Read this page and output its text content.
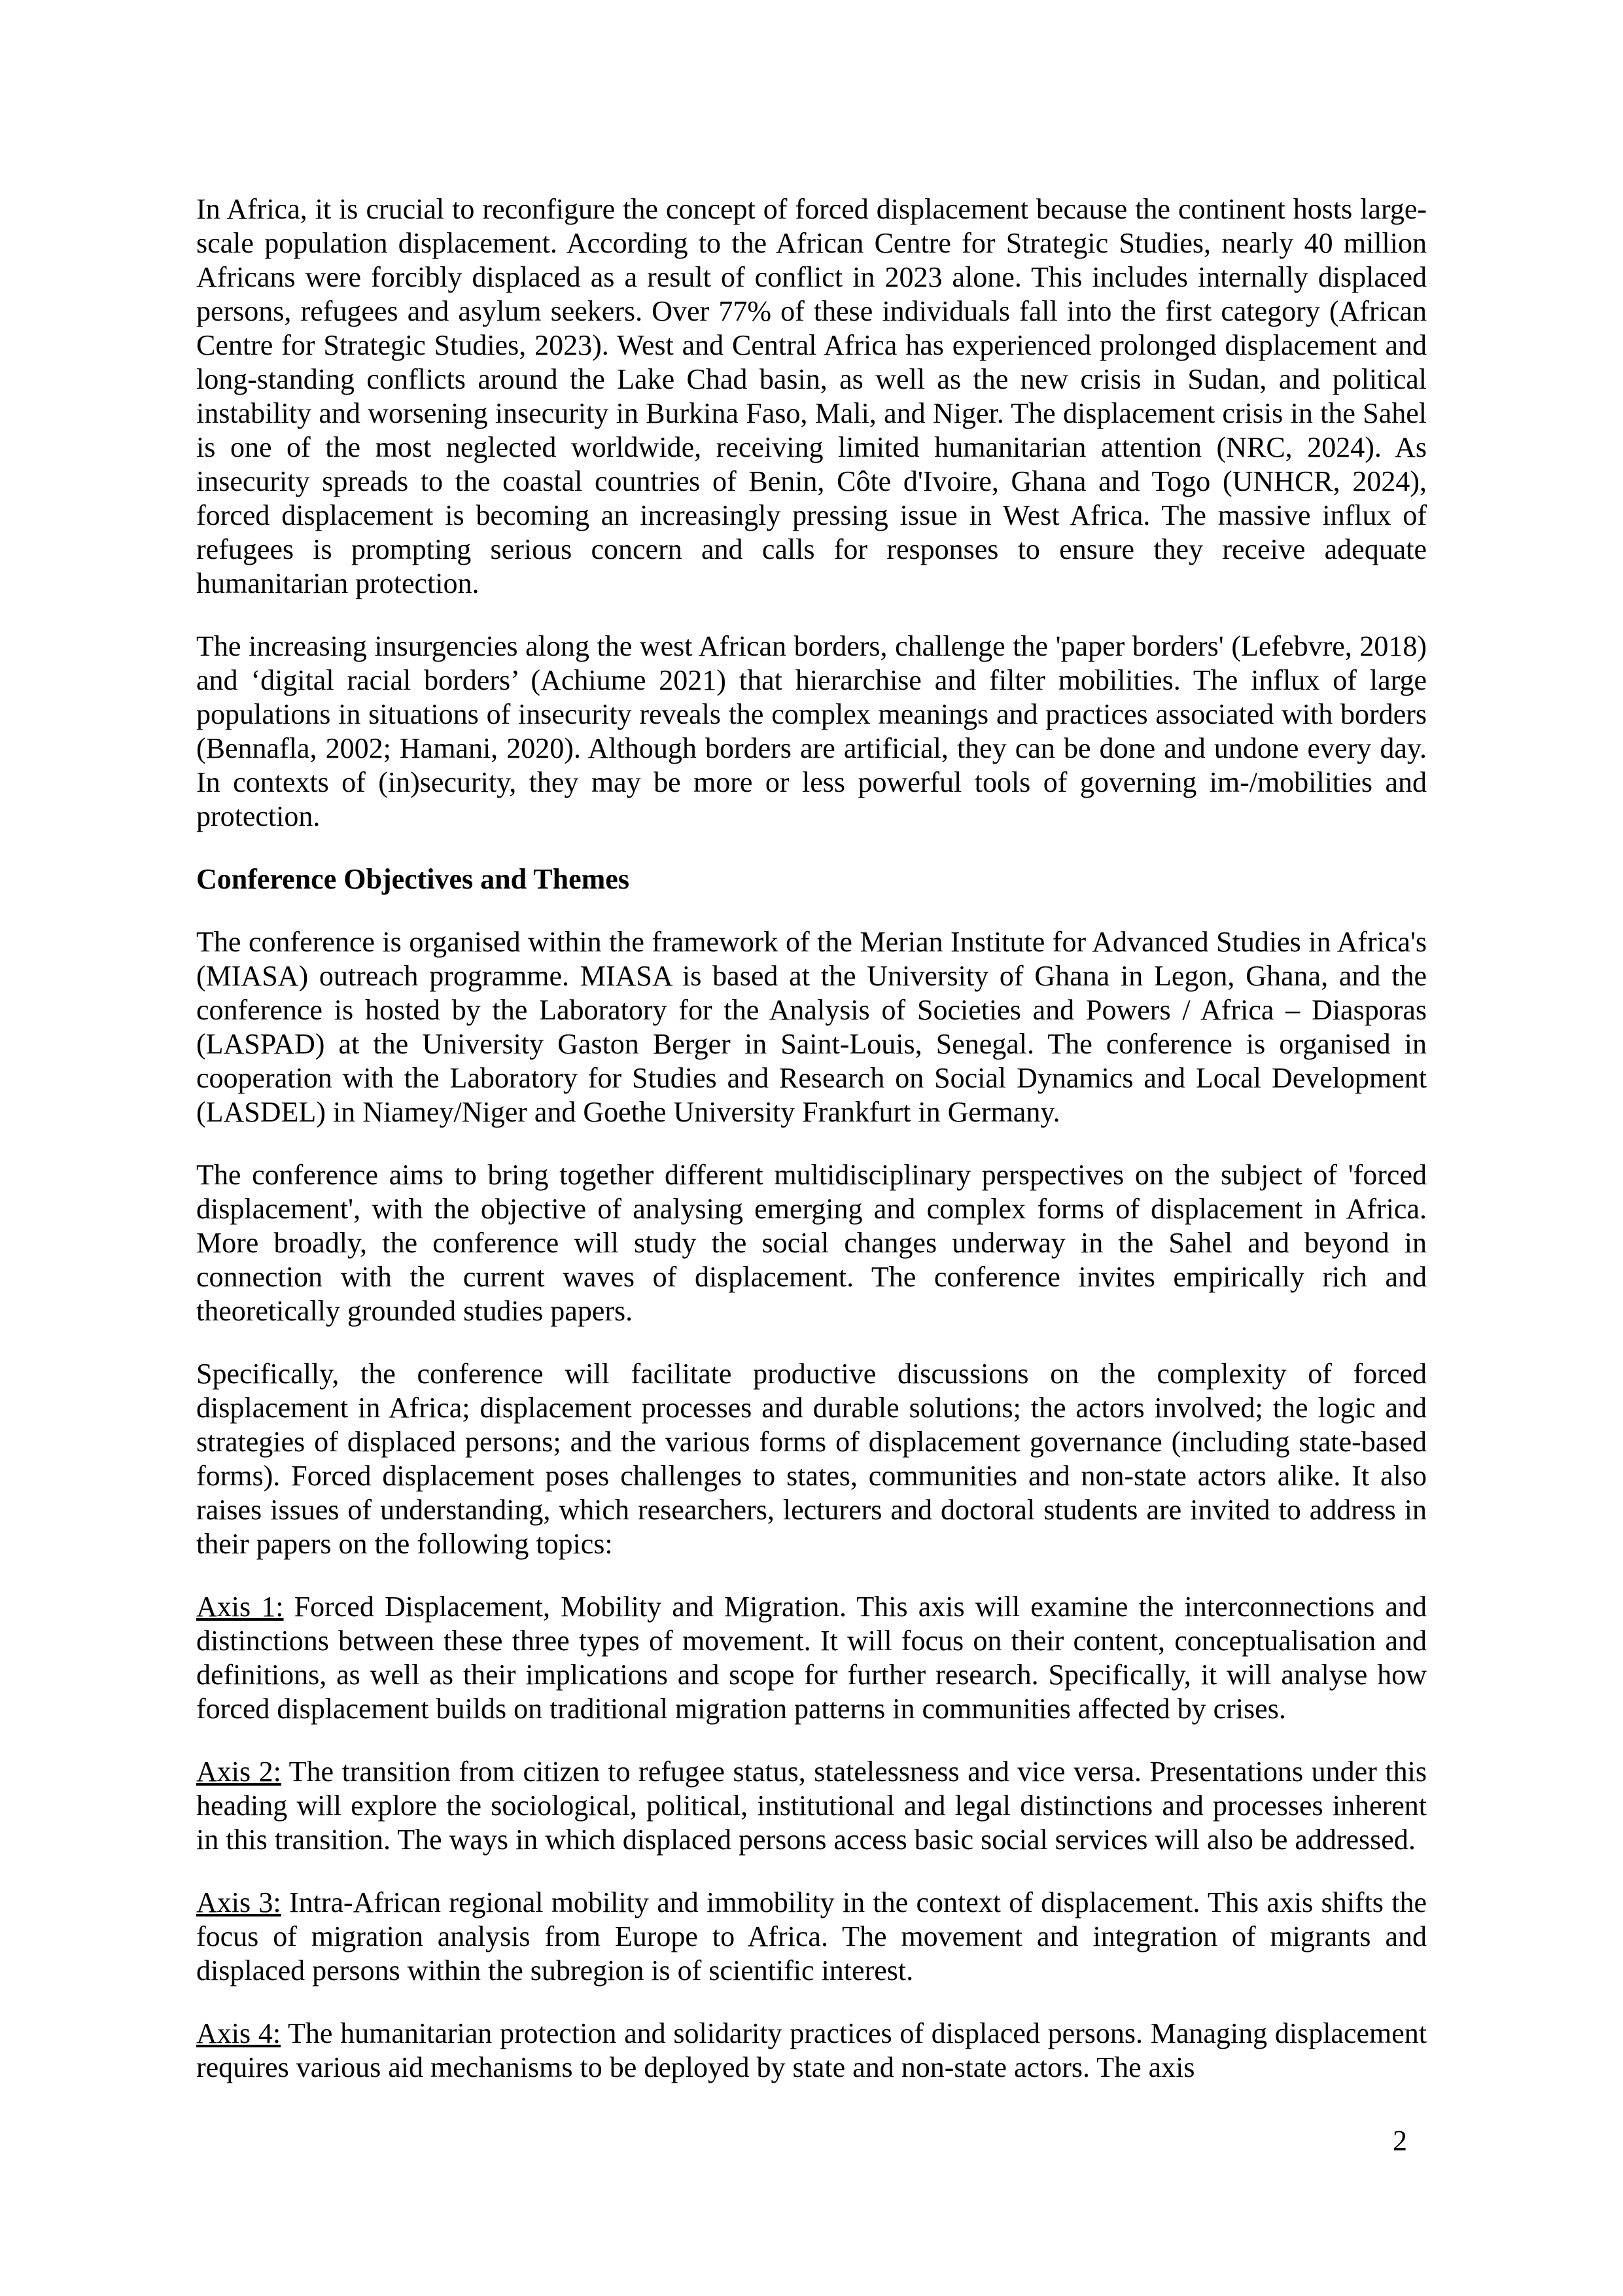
In Africa, it is crucial to reconfigure the concept of forced displacement because the continent hosts large-scale population displacement. According to the African Centre for Strategic Studies, nearly 40 million Africans were forcibly displaced as a result of conflict in 2023 alone. This includes internally displaced persons, refugees and asylum seekers. Over 77% of these individuals fall into the first category (African Centre for Strategic Studies, 2023). West and Central Africa has experienced prolonged displacement and long-standing conflicts around the Lake Chad basin, as well as the new crisis in Sudan, and political instability and worsening insecurity in Burkina Faso, Mali, and Niger. The displacement crisis in the Sahel is one of the most neglected worldwide, receiving limited humanitarian attention (NRC, 2024). As insecurity spreads to the coastal countries of Benin, Côte d'Ivoire, Ghana and Togo (UNHCR, 2024), forced displacement is becoming an increasingly pressing issue in West Africa. The massive influx of refugees is prompting serious concern and calls for responses to ensure they receive adequate humanitarian protection.

The increasing insurgencies along the west African borders, challenge the 'paper borders' (Lefebvre, 2018) and ‘digital racial borders’ (Achiume 2021) that hierarchise and filter mobilities. The influx of large populations in situations of insecurity reveals the complex meanings and practices associated with borders (Bennafla, 2002; Hamani, 2020). Although borders are artificial, they can be done and undone every day. In contexts of (in)security, they may be more or less powerful tools of governing im-/mobilities and protection.

Conference Objectives and Themes

The conference is organised within the framework of the Merian Institute for Advanced Studies in Africa's (MIASA) outreach programme. MIASA is based at the University of Ghana in Legon, Ghana, and the conference is hosted by the Laboratory for the Analysis of Societies and Powers / Africa – Diasporas (LASPAD) at the University Gaston Berger in Saint-Louis, Senegal. The conference is organised in cooperation with the Laboratory for Studies and Research on Social Dynamics and Local Development (LASDEL) in Niamey/Niger and Goethe University Frankfurt in Germany.

The conference aims to bring together different multidisciplinary perspectives on the subject of 'forced displacement', with the objective of analysing emerging and complex forms of displacement in Africa. More broadly, the conference will study the social changes underway in the Sahel and beyond in connection with the current waves of displacement. The conference invites empirically rich and theoretically grounded studies papers.

Specifically, the conference will facilitate productive discussions on the complexity of forced displacement in Africa; displacement processes and durable solutions; the actors involved; the logic and strategies of displaced persons; and the various forms of displacement governance (including state-based forms). Forced displacement poses challenges to states, communities and non-state actors alike. It also raises issues of understanding, which researchers, lecturers and doctoral students are invited to address in their papers on the following topics:

Axis 1: Forced Displacement, Mobility and Migration. This axis will examine the interconnections and distinctions between these three types of movement. It will focus on their content, conceptualisation and definitions, as well as their implications and scope for further research. Specifically, it will analyse how forced displacement builds on traditional migration patterns in communities affected by crises.

Axis 2: The transition from citizen to refugee status, statelessness and vice versa. Presentations under this heading will explore the sociological, political, institutional and legal distinctions and processes inherent in this transition. The ways in which displaced persons access basic social services will also be addressed.

Axis 3: Intra-African regional mobility and immobility in the context of displacement. This axis shifts the focus of migration analysis from Europe to Africa. The movement and integration of migrants and displaced persons within the subregion is of scientific interest.

Axis 4: The humanitarian protection and solidarity practices of displaced persons. Managing displacement requires various aid mechanisms to be deployed by state and non-state actors. The axis

2
